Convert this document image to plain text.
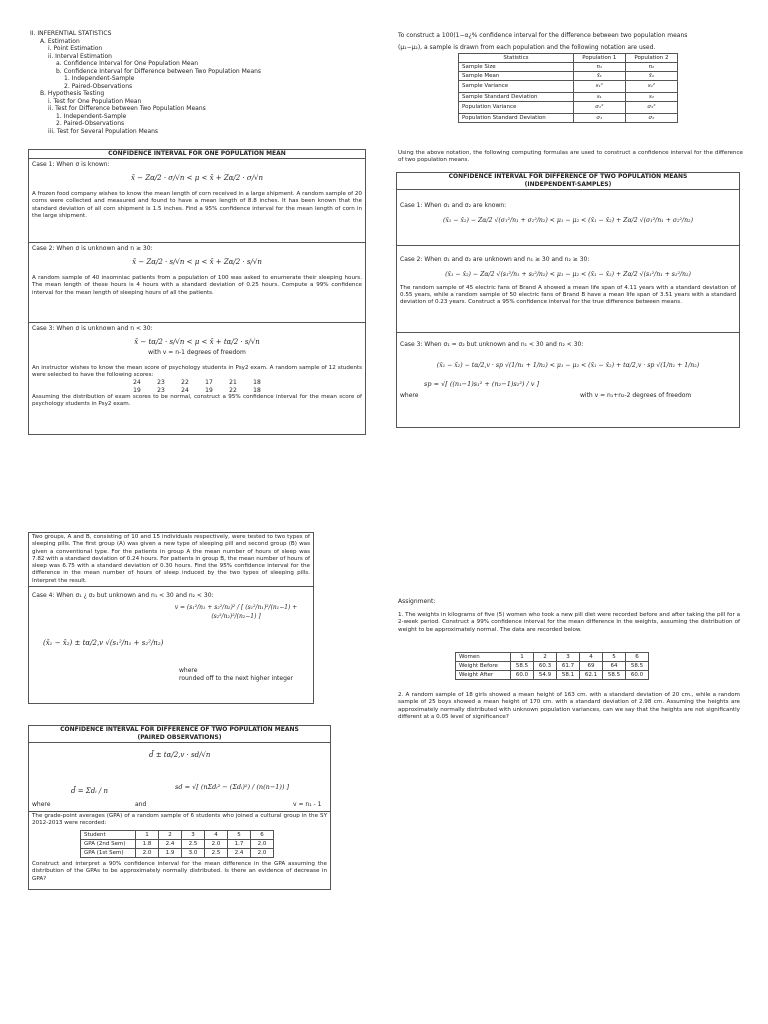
II. INFERENTIAL STATISTICS
A. Estimation
i. Point Estimation
ii. Interval Estimation
a. Confidence Interval for One Population Mean
b. Confidence Interval for Difference between Two Population Means
1. Independent-Sample
2. Paired-Observations
B. Hypothesis Testing
i. Test for One Population Mean
ii. Test for Difference between Two Population Means
1. Independent-Sample
2. Paired-Observations
iii. Test for Several Population Means
CONFIDENCE INTERVAL FOR ONE POPULATION MEAN
Case 1: When σ is known:
x̄ − Zα/2 · σ/√n < μ < x̄ + Zα/2 · σ/√n
A frozen food company wishes to know the mean length of corn received in a large shipment. A random sample of 20 corns were collected and measured and found to have a mean length of 8.8 inches. It has been known that the standard deviation of all corn shipment is 1.5 inches. Find a 95% confidence interval for the mean length of corn in the large shipment.
Case 2: When σ is unknown and n ≥ 30:
x̄ − Zα/2 · s/√n < μ < x̄ + Zα/2 · s/√n
A random sample of 40 insomniac patients from a population of 100 was asked to enumerate their sleeping hours. The mean length of these hours is 4 hours with a standard deviation of 0.25 hours. Compute a 99% confidence interval for the mean length of sleeping hours of all the patients.
Case 3: When σ is unknown and n < 30:
x̄ − tα/2 · s/√n < μ < x̄ + tα/2 · s/√n
with v = n-1 degrees of freedom
An instructor wishes to know the mean score of psychology students in Psy2 exam. A random sample of 12 students were selected to have the following scores:
24	23	22	17	21	18
19	23	24	19	22	18
Assuming the distribution of exam scores to be normal, construct a 95% confidence interval for the mean score of psychology students in Psy2 exam.
To construct a 100(1−α¿% confidence interval for the difference between two population means
(μ₁−μ₂), a sample is drawn from each population and the following notation are used.
Statistics	Population 1	Population 2
Sample Size	n₁	n₂
Sample Mean	x̄₁	x̄₂
Sample Variance	s₁²	s₂²
Sample Standard Deviation	s₁	s₂
Population Variance	σ₁²	σ₂²
Population Standard Deviation	σ₁	σ₂
Using the above notation, the following computing formulas are used to construct a confidence interval for the difference of two population means.
CONFIDENCE INTERVAL FOR DIFFERENCE OF TWO POPULATION MEANS
(INDEPENDENT-SAMPLES)
Case 1: When σ₁ and σ₂ are known:
(x̄₁ − x̄₂) − Zα/2 √(σ₁²/n₁ + σ₂²/n₂) < μ₁ − μ₂ < (x̄₁ − x̄₂) + Zα/2 √(σ₁²/n₁ + σ₂²/n₂)
Case 2: When σ₁ and σ₂ are unknown and n₁ ≥ 30 and n₂ ≥ 30:
(x̄₁ − x̄₂) − Zα/2 √(s₁²/n₁ + s₂²/n₂) < μ₁ − μ₂ < (x̄₁ − x̄₂) + Zα/2 √(s₁²/n₁ + s₂²/n₂)
The random sample of 45 electric fans of Brand A showed a mean life span of 4.11 years with a standard deviation of 0.55 years, while a random sample of 50 electric fans of Brand B have a mean life span of 3.51 years with a standard deviation of 0.23 years. Construct a 95% confidence interval for the true difference between means.
Case 3: When σ₁ = σ₂ but unknown and n₁ < 30 and n₂ < 30:
(x̄₁ − x̄₂) − tα/2,v · sp √(1/n₁ + 1/n₂) < μ₁ − μ₂ < (x̄₁ − x̄₂) + tα/2,v · sp √(1/n₁ + 1/n₂)
where
sp = √[ ((n₁−1)s₁² + (n₂−1)s₂²) / v ]
with v = n₁+n₂-2 degrees of freedom
Two groups, A and B, consisting of 10 and 15 individuals respectively, were tested to two types of sleeping pills. The first group (A) was given a new type of sleeping pill and second group (B) was given a conventional type. For the patients in group A the mean number of hours of sleep was 7.82 with a standard deviation of 0.24 hours. For patients in group B, the mean number of hours of sleep was 6.75 with a standard deviation of 0.30 hours. Find the 95% confidence interval for the difference in the mean number of hours of sleep induced by the two types of sleeping pills. Interpret the result.
Case 4: When σ₁ ¿ σ₂ but unknown and n₁ < 30 and n₂ < 30:
(x̄₁ − x̄₂) ± tα/2,v √(s₁²/n₁ + s₂²/n₂)
v = (s₁²/n₁ + s₂²/n₂)² / [ (s₁²/n₁)²/(n₁−1) + (s₂²/n₂)²/(n₂−1) ]
where
rounded off to the next higher integer
CONFIDENCE INTERVAL FOR DIFFERENCE OF TWO POPULATION MEANS
(PAIRED OBSERVATIONS)
d̄ ± tα/2,v · sd/√n
where
d̄ = Σdᵢ / n
and
sd = √[ (nΣdᵢ² − (Σdᵢ)²) / (n(n−1)) ]
v = n₁ - 1
The grade-point averages (GPA) of a random sample of 6 students who joined a cultural group in the SY 2012-2013 were recorded:
Student	1	2	3	4	5	6
GPA (2nd Sem)	1.8	2.4	2.5	2.0	1.7	2.0
GPA (1st Sem)	2.0	1.9	3.0	2.5	2.4	2.0
Construct and interpret a 90% confidence interval for the mean difference in the GPA assuming the distribution of the GPAs to be approximately normally distributed. Is there an evidence of decrease in GPA?
Assignment:
1. The weights in kilograms of five (5) women who took a new pill diet were recorded before and after taking the pill for a 2-week period. Construct a 99% confidence interval for the mean difference in the weights, assuming the distribution of weight to be approximately normal. The data are recorded below.
Women	1	2	3	4	5	6
Weight Before	58.5	60.3	61.7	69	64	58.5
Weight After	60.0	54.9	58.1	62.1	58.5	60.0
2. A random sample of 18 girls showed a mean height of 163 cm. with a standard deviation of 20 cm., while a random sample of 25 boys showed a mean height of 170 cm. with a standard deviation of 2.98 cm. Assuming the heights are approximately normally distributed with unknown population variances, can we say that the heights are not significantly different at a 0.05 level of significance?
